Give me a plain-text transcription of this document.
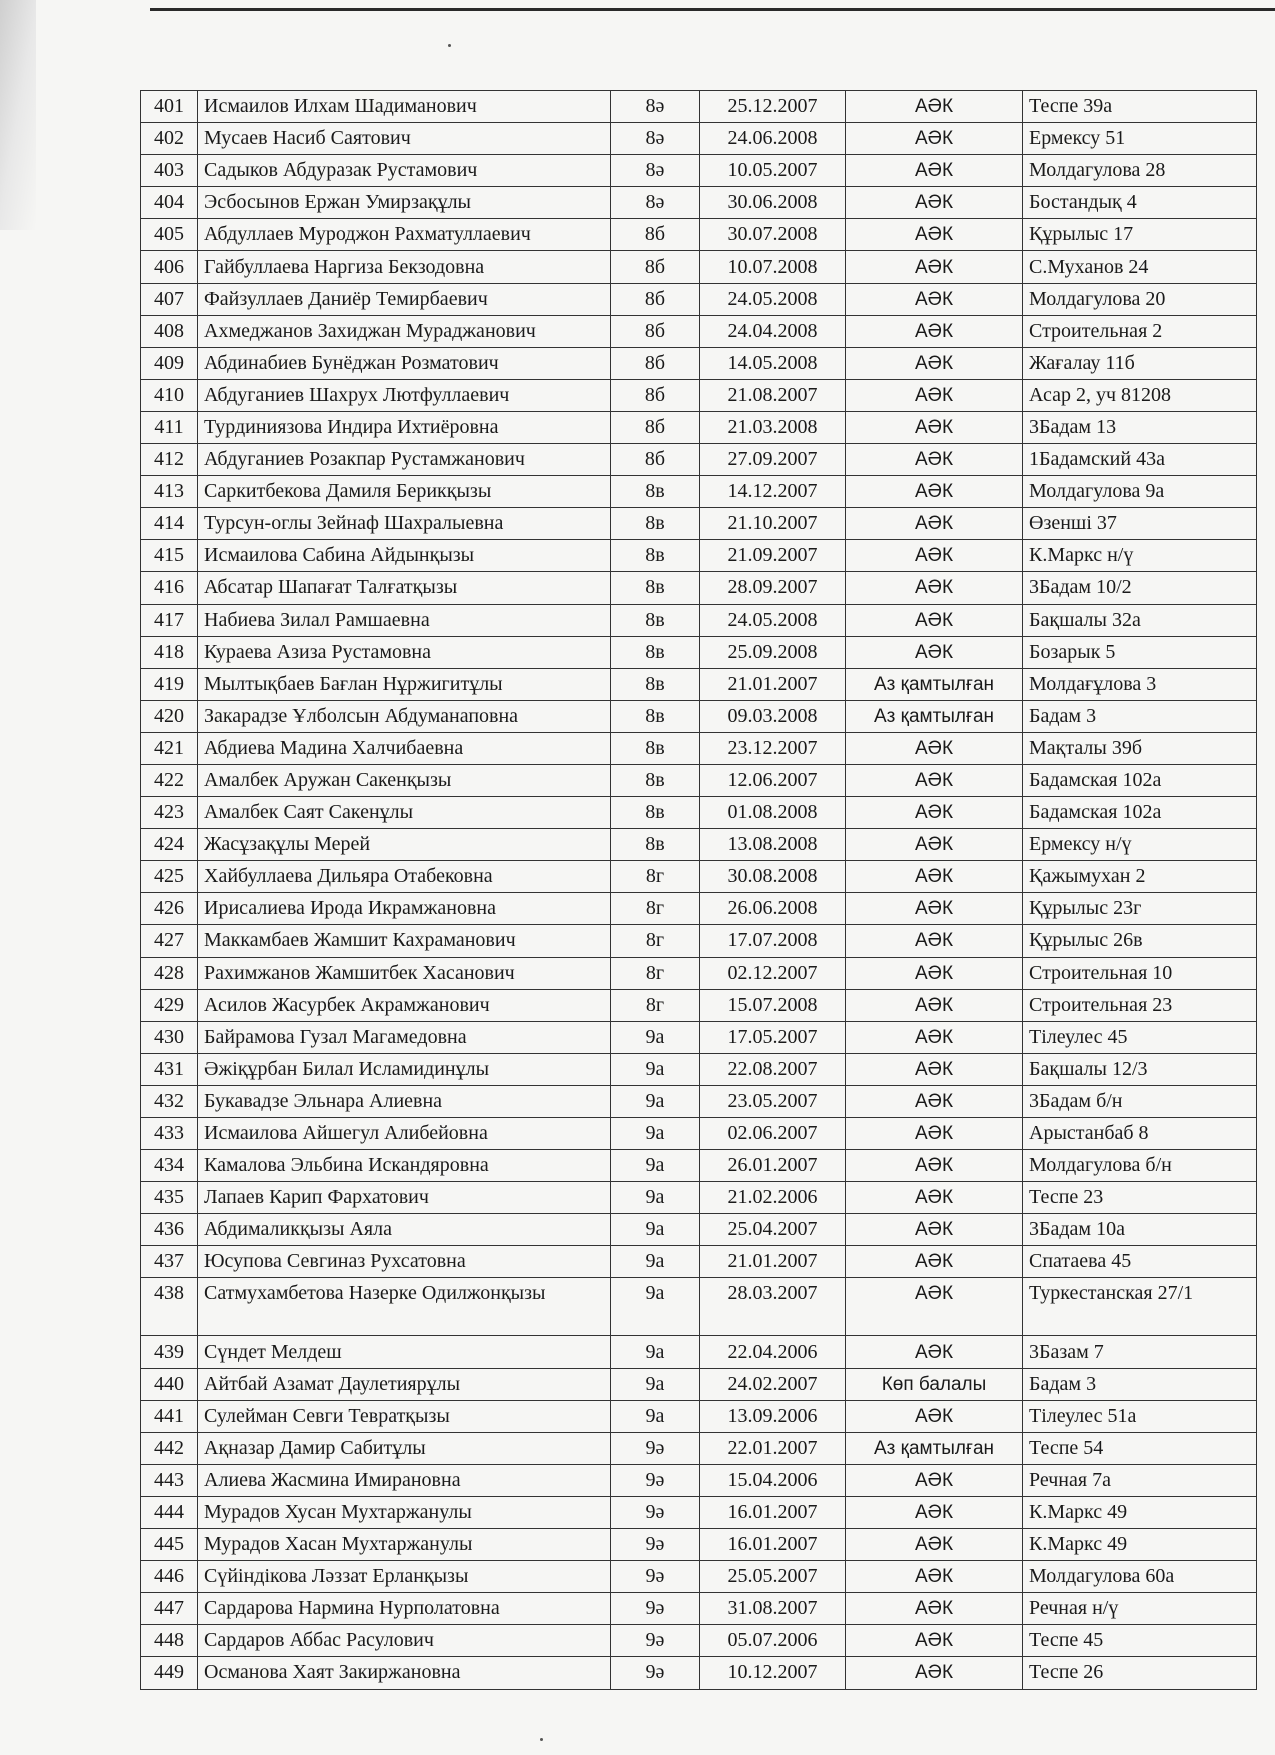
401	Исмаилов Илхам Шадиманович	8ә	25.12.2007	АӘК	Теспе 39а
402	Мусаев Насиб Саятович	8ә	24.06.2008	АӘК	Ермексу 51
403	Садыков Абдуразак Рустамович	8ә	10.05.2007	АӘК	Молдагулова 28
404	Эсбосынов Ержан Умирзақұлы	8ә	30.06.2008	АӘК	Бостандық 4
405	Абдуллаев Муроджон Рахматуллаевич	8б	30.07.2008	АӘК	Құрылыс 17
406	Гайбуллаева Наргиза Бекзодовна	8б	10.07.2008	АӘК	С.Муханов 24
407	Файзуллаев Даниёр Темирбаевич	8б	24.05.2008	АӘК	Молдагулова 20
408	Ахмеджанов Захиджан Мураджанович	8б	24.04.2008	АӘК	Строительная 2
409	Абдинабиев Бунёджан Розматович	8б	14.05.2008	АӘК	Жағалау 11б
410	Абдуганиев Шахрух Лютфуллаевич	8б	21.08.2007	АӘК	Асар 2, уч 81208
411	Турдиниязова Индира Ихтиёровна	8б	21.03.2008	АӘК	3Бадам 13
412	Абдуганиев Розакпар Рустамжанович	8б	27.09.2007	АӘК	1Бадамский 43а
413	Саркитбекова Дамиля Берикқызы	8в	14.12.2007	АӘК	Молдагулова 9а
414	Турсун-оглы Зейнаф Шахралыевна	8в	21.10.2007	АӘК	Өзенші 37
415	Исмаилова Сабина Айдынқызы	8в	21.09.2007	АӘК	К.Маркс н/ү
416	Абсатар Шапағат Талғатқызы	8в	28.09.2007	АӘК	3Бадам 10/2
417	Набиева Зилал Рамшаевна	8в	24.05.2008	АӘК	Бақшалы 32а
418	Кураева Азиза Рустамовна	8в	25.09.2008	АӘК	Бозарык 5
419	Мылтықбаев Бағлан Нұржигитұлы	8в	21.01.2007	Аз қамтылған	Молдағұлова 3
420	Закарадзе Ұлболсын Абдуманаповна	8в	09.03.2008	Аз қамтылған	Бадам 3
421	Абдиева Мадина Халчибаевна	8в	23.12.2007	АӘК	Мақталы 39б
422	Амалбек Аружан Сакенқызы	8в	12.06.2007	АӘК	Бадамская 102а
423	Амалбек Саят Сакенұлы	8в	01.08.2008	АӘК	Бадамская 102а
424	Жасұзақұлы Мерей	8в	13.08.2008	АӘК	Ермексу н/ү
425	Хайбуллаева Дильяра Отабековна	8г	30.08.2008	АӘК	Қажымухан 2
426	Ирисалиева Ирода Икрамжановна	8г	26.06.2008	АӘК	Құрылыс 23г
427	Маккамбаев Жамшит Кахраманович	8г	17.07.2008	АӘК	Құрылыс 26в
428	Рахимжанов Жамшитбек Хасанович	8г	02.12.2007	АӘК	Строительная 10
429	Асилов Жасурбек Акрамжанович	8г	15.07.2008	АӘК	Строительная 23
430	Байрамова Гузал Магамедовна	9а	17.05.2007	АӘК	Тілеулес 45
431	Әжіқұрбан Билал Исламидинұлы	9а	22.08.2007	АӘК	Бақшалы 12/3
432	Букавадзе Эльнара Алиевна	9а	23.05.2007	АӘК	3Бадам б/н
433	Исмаилова Айшегул Алибейовна	9а	02.06.2007	АӘК	Арыстанбаб 8
434	Камалова Эльбина Искандяровна	9а	26.01.2007	АӘК	Молдагулова б/н
435	Лапаев Карип Фархатович	9а	21.02.2006	АӘК	Теспе 23
436	Абдималикқызы Аяла	9а	25.04.2007	АӘК	3Бадам 10а
437	Юсупова Севгиназ Рухсатовна	9а	21.01.2007	АӘК	Спатаева 45
438	Сатмухамбетова Назерке Одилжонқызы	9а	28.03.2007	АӘК	Туркестанская 27/1
439	Сүндет Мелдеш	9а	22.04.2006	АӘК	3Базам 7
440	Айтбай Азамат Даулетиярұлы	9а	24.02.2007	Көп балалы	Бадам 3
441	Сулейман Севги Тевратқызы	9а	13.09.2006	АӘК	Тілеулес 51а
442	Ақназар Дамир Сабитұлы	9ә	22.01.2007	Аз қамтылған	Теспе 54
443	Алиева Жасмина Имирановна	9ә	15.04.2006	АӘК	Речная 7а
444	Мурадов Хусан Мухтаржанулы	9ә	16.01.2007	АӘК	К.Маркс 49
445	Мурадов Хасан Мухтаржанулы	9ә	16.01.2007	АӘК	К.Маркс 49
446	Сүйіндікова Ләззат Ерланқызы	9ә	25.05.2007	АӘК	Молдагулова 60а
447	Сардарова Нармина Нурполатовна	9ә	31.08.2007	АӘК	Речная н/ү
448	Сардаров Аббас Расулович	9ә	05.07.2006	АӘК	Теспе 45
449	Османова Хаят Закиржановна	9ә	10.12.2007	АӘК	Теспе 26
